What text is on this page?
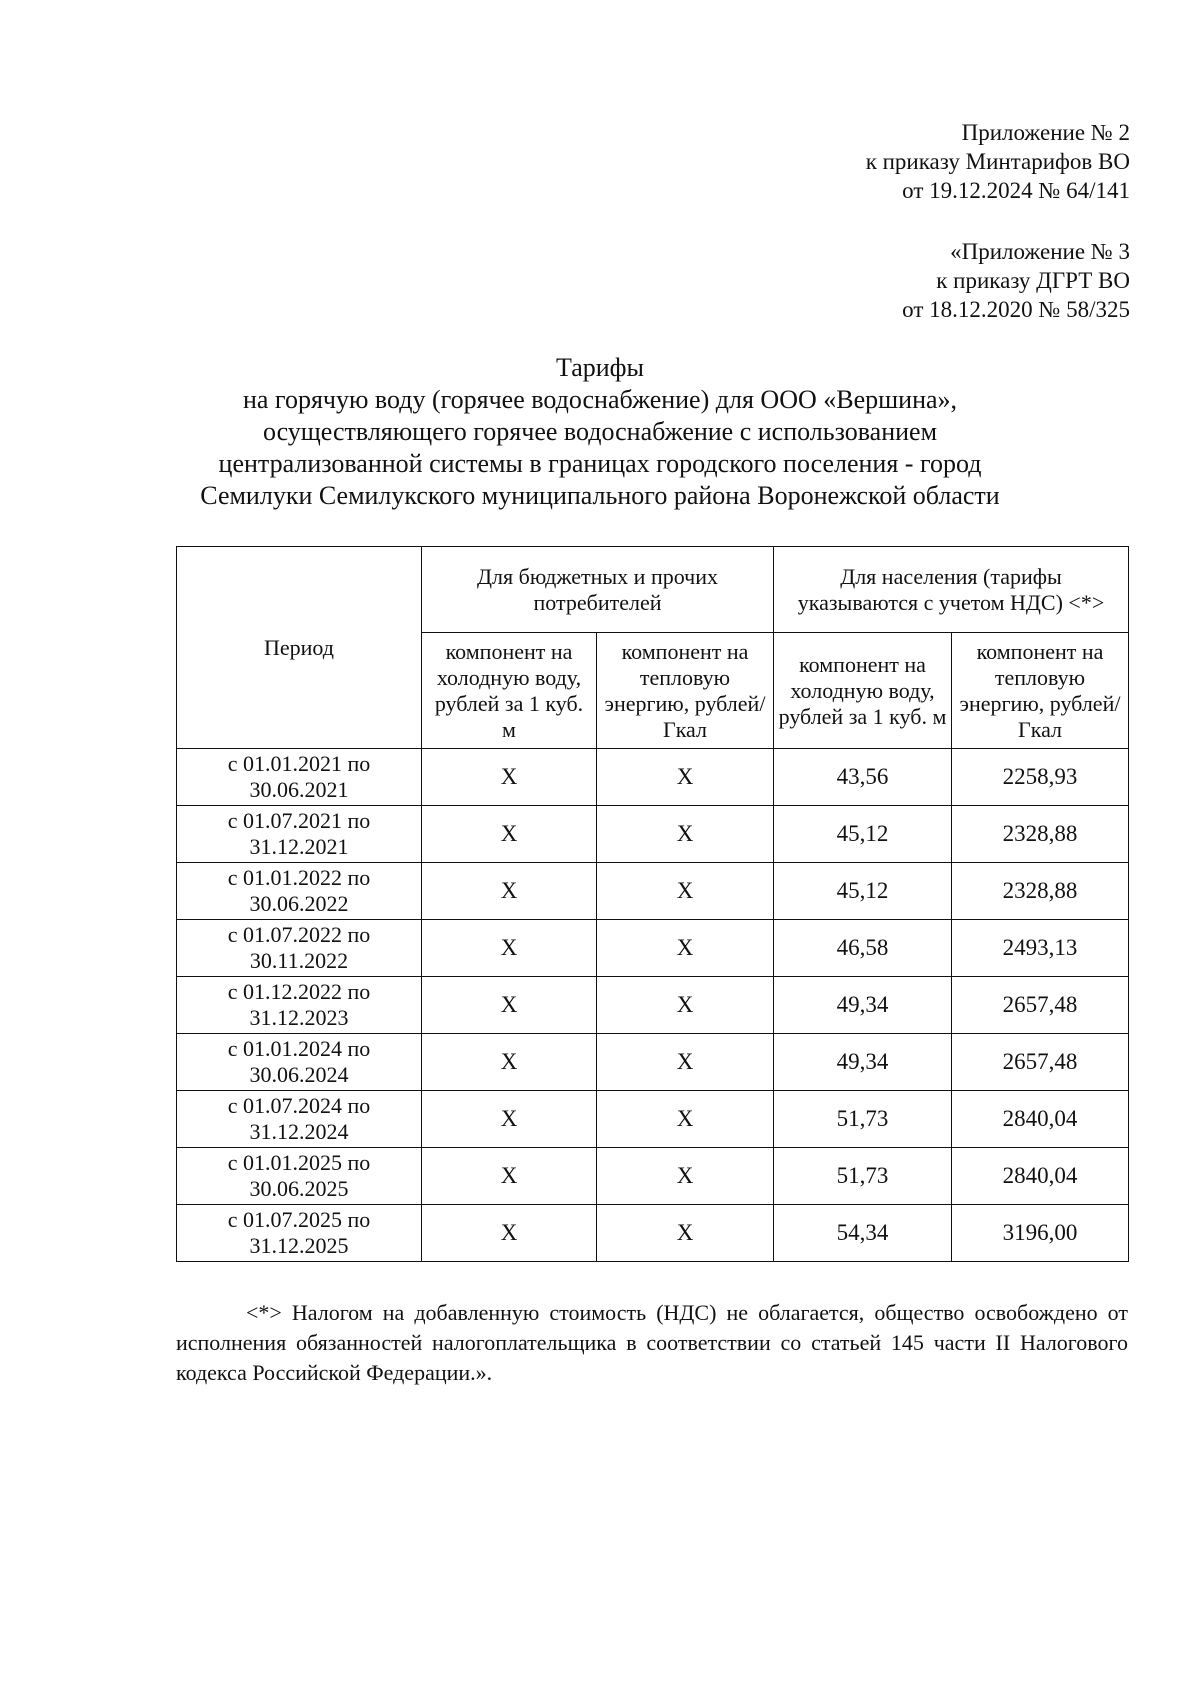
Приложение № 2
к приказу Минтарифов ВО
от 19.12.2024 № 64/141
«Приложение № 3
к приказу ДГРТ ВО
от 18.12.2020 № 58/325
Тарифы
на горячую воду (горячее водоснабжение) для ООО «Вершина»,
осуществляющего горячее водоснабжение с использованием
централизованной системы в границах городского поселения - город
Семилуки Семилукского муниципального района Воронежской области
Период	Для бюджетных и прочих потребителей		Для населения (тарифы указываются с учетом НДС) <*>	
	компонент на холодную воду, рублей за 1 куб. м	компонент на тепловую энергию, рублей/Гкал	компонент на холодную воду, рублей за 1 куб. м	компонент на тепловую энергию, рублей/Гкал

с 01.01.2021 по
30.06.2021	Х	Х	43,56	2258,93

с 01.07.2021 по
31.12.2021	Х	Х	45,12	2328,88

с 01.01.2022 по
30.06.2022	Х	Х	45,12	2328,88

с 01.07.2022 по
30.11.2022	Х	Х	46,58	2493,13

с 01.12.2022 по
31.12.2023	Х	Х	49,34	2657,48

с 01.01.2024 по
30.06.2024	Х	Х	49,34	2657,48

с 01.07.2024 по
31.12.2024	Х	Х	51,73	2840,04

с 01.01.2025 по
30.06.2025	Х	Х	51,73	2840,04

с 01.07.2025 по
31.12.2025	Х	Х	54,34	3196,00
<*> Налогом на добавленную стоимость (НДС) не облагается, общество освобождено от исполнения обязанностей налогоплательщика в соответствии со статьей 145 части II Налогового кодекса Российской Федерации.».
